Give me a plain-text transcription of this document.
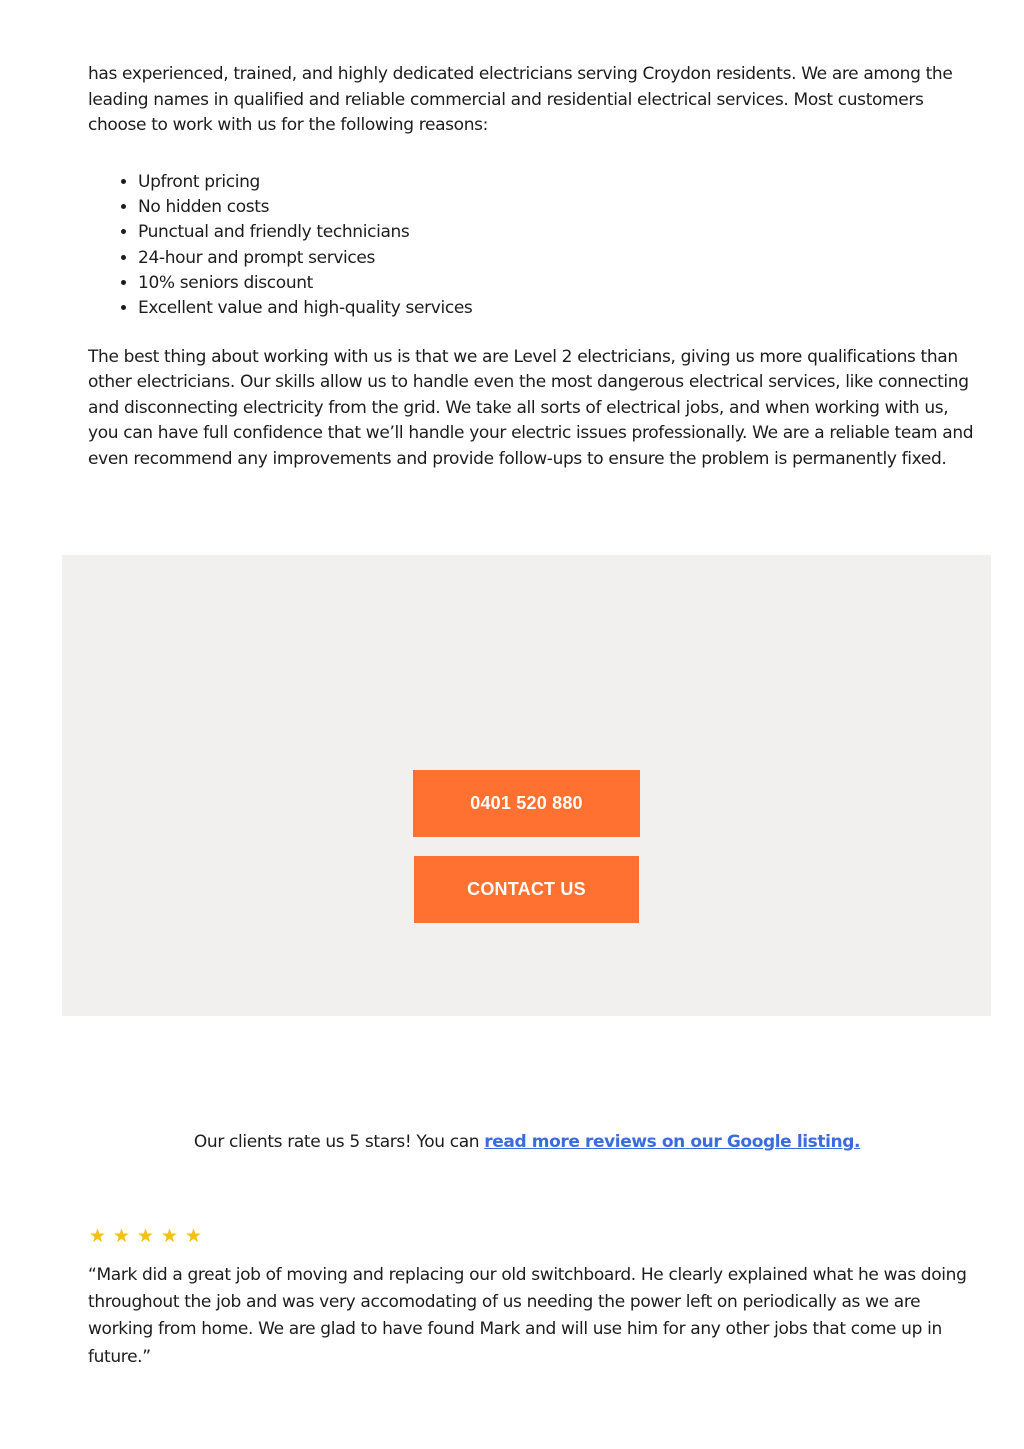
has experienced, trained, and highly dedicated electricians serving Croydon residents. We are among the leading names in qualified and reliable commercial and residential electrical services. Most customers choose to work with us for the following reasons:

• Upfront pricing
• No hidden costs
• Punctual and friendly technicians
• 24-hour and prompt services
• 10% seniors discount
• Excellent value and high-quality services

The best thing about working with us is that we are Level 2 electricians, giving us more qualifications than other electricians. Our skills allow us to handle even the most dangerous electrical services, like connecting and disconnecting electricity from the grid. We take all sorts of electrical jobs, and when working with us, you can have full confidence that we’ll handle your electric issues professionally. We are a reliable team and even recommend any improvements and provide follow-ups to ensure the problem is permanently fixed.

0401 520 880
CONTACT US

Our clients rate us 5 stars! You can read more reviews on our Google listing.

★ ★ ★ ★ ★

“Mark did a great job of moving and replacing our old switchboard. He clearly explained what he was doing throughout the job and was very accomodating of us needing the power left on periodically as we are working from home. We are glad to have found Mark and will use him for any other jobs that come up in future.”
